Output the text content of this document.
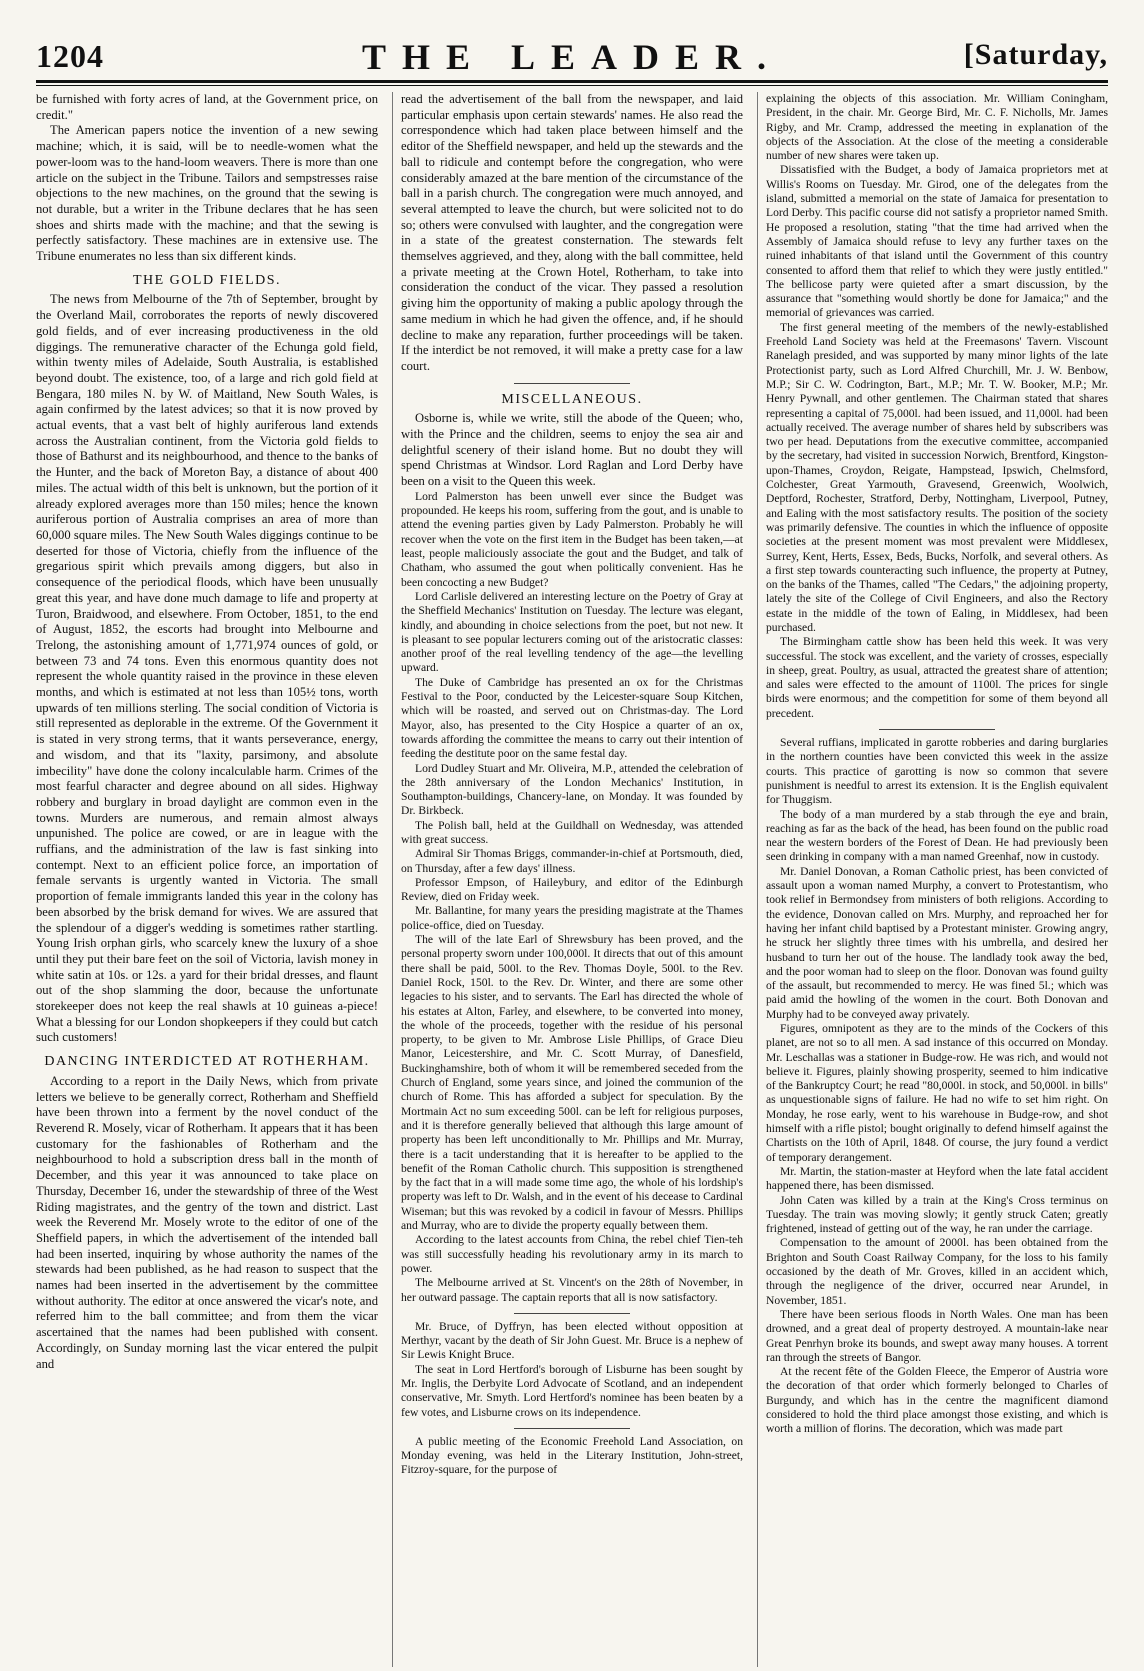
1204	THE LEADER.	[Saturday,

be furnished with forty acres of land, at the Government price, on credit."

The American papers notice the invention of a new sewing machine; which, it is said, will be to needle-women what the power-loom was to the hand-loom weavers. There is more than one article on the subject in the Tribune. Tailors and sempstresses raise objections to the new machines, on the ground that the sewing is not durable, but a writer in the Tribune declares that he has seen shoes and shirts made with the machine; and that the sewing is perfectly satisfactory. These machines are in extensive use. The Tribune enumerates no less than six different kinds.

THE GOLD FIELDS.

The news from Melbourne of the 7th of September, brought by the Overland Mail, corroborates the reports of newly discovered gold fields, and of ever increasing productiveness in the old diggings. The remunerative character of the Echunga gold field, within twenty miles of Adelaide, South Australia, is established beyond doubt. The existence, too, of a large and rich gold field at Bengara, 180 miles N. by W. of Maitland, New South Wales, is again confirmed by the latest advices; so that it is now proved by actual events, that a vast belt of highly auriferous land extends across the Australian continent, from the Victoria gold fields to those of Bathurst and its neighbourhood, and thence to the banks of the Hunter, and the back of Moreton Bay, a distance of about 400 miles. The actual width of this belt is unknown, but the portion of it already explored averages more than 150 miles; hence the known auriferous portion of Australia comprises an area of more than 60,000 square miles. The New South Wales diggings continue to be deserted for those of Victoria, chiefly from the influence of the gregarious spirit which prevails among diggers, but also in consequence of the periodical floods, which have been unusually great this year, and have done much damage to life and property at Turon, Braidwood, and elsewhere. From October, 1851, to the end of August, 1852, the escorts had brought into Melbourne and Trelong, the astonishing amount of 1,771,974 ounces of gold, or between 73 and 74 tons. Even this enormous quantity does not represent the whole quantity raised in the province in these eleven months, and which is estimated at not less than 105½ tons, worth upwards of ten millions sterling. The social condition of Victoria is still represented as deplorable in the extreme. Of the Government it is stated in very strong terms, that it wants perseverance, energy, and wisdom, and that its "laxity, parsimony, and absolute imbecility" have done the colony incalculable harm. Crimes of the most fearful character and degree abound on all sides. Highway robbery and burglary in broad daylight are common even in the towns. Murders are numerous, and remain almost always unpunished. The police are cowed, or are in league with the ruffians, and the administration of the law is fast sinking into contempt. Next to an efficient police force, an importation of female servants is urgently wanted in Victoria. The small proportion of female immigrants landed this year in the colony has been absorbed by the brisk demand for wives. We are assured that the splendour of a digger's wedding is sometimes rather startling. Young Irish orphan girls, who scarcely knew the luxury of a shoe until they put their bare feet on the soil of Victoria, lavish money in white satin at 10s. or 12s. a yard for their bridal dresses, and flaunt out of the shop slamming the door, because the unfortunate storekeeper does not keep the real shawls at 10 guineas a-piece! What a blessing for our London shopkeepers if they could but catch such customers!

DANCING INTERDICTED AT ROTHERHAM.

According to a report in the Daily News, which from private letters we believe to be generally correct, Rotherham and Sheffield have been thrown into a ferment by the novel conduct of the Reverend R. Mosely, vicar of Rotherham. It appears that it has been customary for the fashionables of Rotherham and the neighbourhood to hold a subscription dress ball in the month of December, and this year it was announced to take place on Thursday, December 16, under the stewardship of three of the West Riding magistrates, and the gentry of the town and district. Last week the Reverend Mr. Mosely wrote to the editor of one of the Sheffield papers, in which the advertisement of the intended ball had been inserted, inquiring by whose authority the names of the stewards had been published, as he had reason to suspect that the names had been inserted in the advertisement by the committee without authority. The editor at once answered the vicar's note, and referred him to the ball committee; and from them the vicar ascertained that the names had been published with consent. Accordingly, on Sunday morning last the vicar entered the pulpit and

read the advertisement of the ball from the newspaper, and laid particular emphasis upon certain stewards' names. He also read the correspondence which had taken place between himself and the editor of the Sheffield newspaper, and held up the stewards and the ball to ridicule and contempt before the congregation, who were considerably amazed at the bare mention of the circumstance of the ball in a parish church. The congregation were much annoyed, and several attempted to leave the church, but were solicited not to do so; others were convulsed with laughter, and the congregation were in a state of the greatest consternation. The stewards felt themselves aggrieved, and they, along with the ball committee, held a private meeting at the Crown Hotel, Rotherham, to take into consideration the conduct of the vicar. They passed a resolution giving him the opportunity of making a public apology through the same medium in which he had given the offence, and, if he should decline to make any reparation, further proceedings will be taken. If the interdict be not removed, it will make a pretty case for a law court.

MISCELLANEOUS.

Osborne is, while we write, still the abode of the Queen; who, with the Prince and the children, seems to enjoy the sea air and delightful scenery of their island home. But no doubt they will spend Christmas at Windsor. Lord Raglan and Lord Derby have been on a visit to the Queen this week.

Lord Palmerston has been unwell ever since the Budget was propounded. He keeps his room, suffering from the gout, and is unable to attend the evening parties given by Lady Palmerston. Probably he will recover when the vote on the first item in the Budget has been taken,—at least, people maliciously associate the gout and the Budget, and talk of Chatham, who assumed the gout when politically convenient. Has he been concocting a new Budget?

Lord Carlisle delivered an interesting lecture on the Poetry of Gray at the Sheffield Mechanics' Institution on Tuesday. The lecture was elegant, kindly, and abounding in choice selections from the poet, but not new. It is pleasant to see popular lecturers coming out of the aristocratic classes: another proof of the real levelling tendency of the age—the levelling upward.

The Duke of Cambridge has presented an ox for the Christmas Festival to the Poor, conducted by the Leicester-square Soup Kitchen, which will be roasted, and served out on Christmas-day. The Lord Mayor, also, has presented to the City Hospice a quarter of an ox, towards affording the committee the means to carry out their intention of feeding the destitute poor on the same festal day.

Lord Dudley Stuart and Mr. Oliveira, M.P., attended the celebration of the 28th anniversary of the London Mechanics' Institution, in Southampton-buildings, Chancery-lane, on Monday. It was founded by Dr. Birkbeck.

The Polish ball, held at the Guildhall on Wednesday, was attended with great success.

Admiral Sir Thomas Briggs, commander-in-chief at Portsmouth, died, on Thursday, after a few days' illness.

Professor Empson, of Haileybury, and editor of the Edinburgh Review, died on Friday week.

Mr. Ballantine, for many years the presiding magistrate at the Thames police-office, died on Tuesday.

The will of the late Earl of Shrewsbury has been proved, and the personal property sworn under 100,000l. It directs that out of this amount there shall be paid, 500l. to the Rev. Thomas Doyle, 500l. to the Rev. Daniel Rock, 150l. to the Rev. Dr. Winter, and there are some other legacies to his sister, and to servants. The Earl has directed the whole of his estates at Alton, Farley, and elsewhere, to be converted into money, the whole of the proceeds, together with the residue of his personal property, to be given to Mr. Ambrose Lisle Phillips, of Grace Dieu Manor, Leicestershire, and Mr. C. Scott Murray, of Danesfield, Buckinghamshire, both of whom it will be remembered seceded from the Church of England, some years since, and joined the communion of the church of Rome. This has afforded a subject for speculation. By the Mortmain Act no sum exceeding 500l. can be left for religious purposes, and it is therefore generally believed that although this large amount of property has been left unconditionally to Mr. Phillips and Mr. Murray, there is a tacit understanding that it is hereafter to be applied to the benefit of the Roman Catholic church. This supposition is strengthened by the fact that in a will made some time ago, the whole of his lordship's property was left to Dr. Walsh, and in the event of his decease to Cardinal Wiseman; but this was revoked by a codicil in favour of Messrs. Phillips and Murray, who are to divide the property equally between them.

According to the latest accounts from China, the rebel chief Tien-teh was still successfully heading his revolutionary army in its march to power.

The Melbourne arrived at St. Vincent's on the 28th of November, in her outward passage. The captain reports that all is now satisfactory.

Mr. Bruce, of Dyffryn, has been elected without opposition at Merthyr, vacant by the death of Sir John Guest. Mr. Bruce is a nephew of Sir Lewis Knight Bruce.

The seat in Lord Hertford's borough of Lisburne has been sought by Mr. Inglis, the Derbyite Lord Advocate of Scotland, and an independent conservative, Mr. Smyth. Lord Hertford's nominee has been beaten by a few votes, and Lisburne crows on its independence.

A public meeting of the Economic Freehold Land Association, on Monday evening, was held in the Literary Institution, John-street, Fitzroy-square, for the purpose of

explaining the objects of this association. Mr. William Coningham, President, in the chair. Mr. George Bird, Mr. C. F. Nicholls, Mr. James Rigby, and Mr. Cramp, addressed the meeting in explanation of the objects of the Association. At the close of the meeting a considerable number of new shares were taken up.

Dissatisfied with the Budget, a body of Jamaica proprietors met at Willis's Rooms on Tuesday. Mr. Girod, one of the delegates from the island, submitted a memorial on the state of Jamaica for presentation to Lord Derby. This pacific course did not satisfy a proprietor named Smith. He proposed a resolution, stating "that the time had arrived when the Assembly of Jamaica should refuse to levy any further taxes on the ruined inhabitants of that island until the Government of this country consented to afford them that relief to which they were justly entitled." The bellicose party were quieted after a smart discussion, by the assurance that "something would shortly be done for Jamaica;" and the memorial of grievances was carried.

The first general meeting of the members of the newly-established Freehold Land Society was held at the Freemasons' Tavern. Viscount Ranelagh presided, and was supported by many minor lights of the late Protectionist party, such as Lord Alfred Churchill, Mr. J. W. Benbow, M.P.; Sir C. W. Codrington, Bart., M.P.; Mr. T. W. Booker, M.P.; Mr. Henry Pywnall, and other gentlemen. The Chairman stated that shares representing a capital of 75,000l. had been issued, and 11,000l. had been actually received. The average number of shares held by subscribers was two per head. Deputations from the executive committee, accompanied by the secretary, had visited in succession Norwich, Brentford, Kingston-upon-Thames, Croydon, Reigate, Hampstead, Ipswich, Chelmsford, Colchester, Great Yarmouth, Gravesend, Greenwich, Woolwich, Deptford, Rochester, Stratford, Derby, Nottingham, Liverpool, Putney, and Ealing with the most satisfactory results. The position of the society was primarily defensive. The counties in which the influence of opposite societies at the present moment was most prevalent were Middlesex, Surrey, Kent, Herts, Essex, Beds, Bucks, Norfolk, and several others. As a first step towards counteracting such influence, the property at Putney, on the banks of the Thames, called "The Cedars," the adjoining property, lately the site of the College of Civil Engineers, and also the Rectory estate in the middle of the town of Ealing, in Middlesex, had been purchased.

The Birmingham cattle show has been held this week. It was very successful. The stock was excellent, and the variety of crosses, especially in sheep, great. Poultry, as usual, attracted the greatest share of attention; and sales were effected to the amount of 1100l. The prices for single birds were enormous; and the competition for some of them beyond all precedent.

Several ruffians, implicated in garotte robberies and daring burglaries in the northern counties have been convicted this week in the assize courts. This practice of garotting is now so common that severe punishment is needful to arrest its extension. It is the English equivalent for Thuggism.

The body of a man murdered by a stab through the eye and brain, reaching as far as the back of the head, has been found on the public road near the western borders of the Forest of Dean. He had previously been seen drinking in company with a man named Greenhaf, now in custody.

Mr. Daniel Donovan, a Roman Catholic priest, has been convicted of assault upon a woman named Murphy, a convert to Protestantism, who took relief in Bermondsey from ministers of both religions. According to the evidence, Donovan called on Mrs. Murphy, and reproached her for having her infant child baptised by a Protestant minister. Growing angry, he struck her slightly three times with his umbrella, and desired her husband to turn her out of the house. The landlady took away the bed, and the poor woman had to sleep on the floor. Donovan was found guilty of the assault, but recommended to mercy. He was fined 5l.; which was paid amid the howling of the women in the court. Both Donovan and Murphy had to be conveyed away privately.

Figures, omnipotent as they are to the minds of the Cockers of this planet, are not so to all men. A sad instance of this occurred on Monday. Mr. Leschallas was a stationer in Budge-row. He was rich, and would not believe it. Figures, plainly showing prosperity, seemed to him indicative of the Bankruptcy Court; he read "80,000l. in stock, and 50,000l. in bills" as unquestionable signs of failure. He had no wife to set him right. On Monday, he rose early, went to his warehouse in Budge-row, and shot himself with a rifle pistol; bought originally to defend himself against the Chartists on the 10th of April, 1848. Of course, the jury found a verdict of temporary derangement.

Mr. Martin, the station-master at Heyford when the late fatal accident happened there, has been dismissed.

John Caten was killed by a train at the King's Cross terminus on Tuesday. The train was moving slowly; it gently struck Caten; greatly frightened, instead of getting out of the way, he ran under the carriage.

Compensation to the amount of 2000l. has been obtained from the Brighton and South Coast Railway Company, for the loss to his family occasioned by the death of Mr. Groves, killed in an accident which, through the negligence of the driver, occurred near Arundel, in November, 1851.

There have been serious floods in North Wales. One man has been drowned, and a great deal of property destroyed. A mountain-lake near Great Penrhyn broke its bounds, and swept away many houses. A torrent ran through the streets of Bangor.

At the recent fête of the Golden Fleece, the Emperor of Austria wore the decoration of that order which formerly belonged to Charles of Burgundy, and which has in the centre the magnificent diamond considered to hold the third place amongst those existing, and which is worth a million of florins. The decoration, which was made part
